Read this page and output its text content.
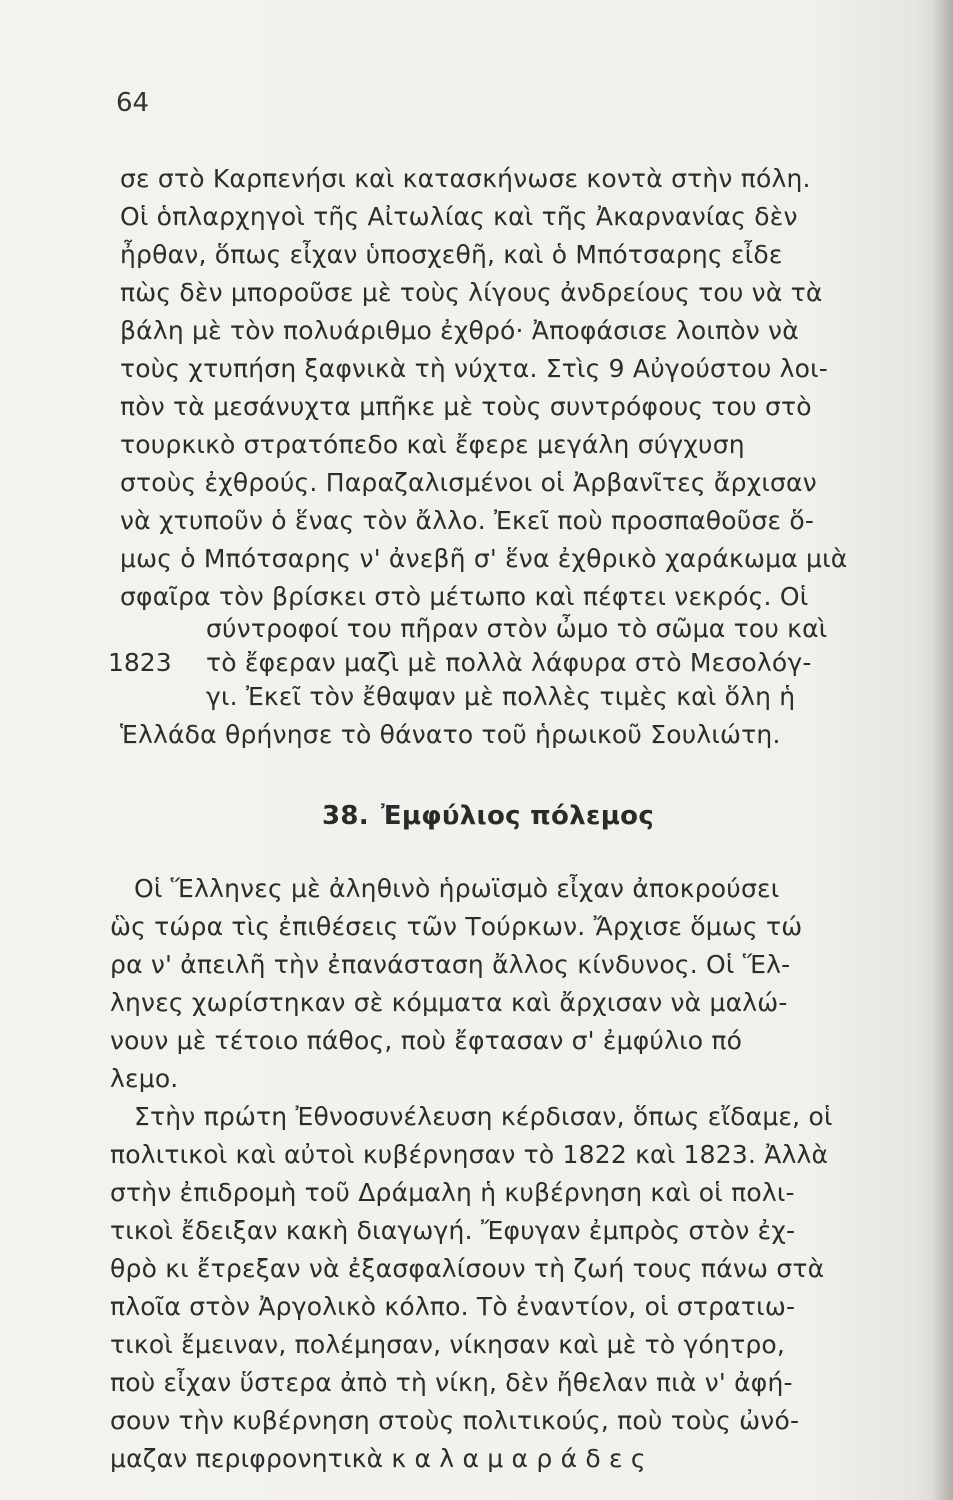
64
σε στὸ Καρπενήσι καὶ κατασκήνωσε κοντὰ στὴν πόλη.
Οἱ ὁπλαρχηγοὶ τῆς Αἰτωλίας καὶ τῆς Ἀκαρνανίας δὲν
ἦρθαν, ὅπως εἶχαν ὑποσχεθῆ, καὶ ὁ Μπότσαρης εἶδε
πὼς δὲν μποροῦσε μὲ τοὺς λίγους ἀνδρείους του νὰ τὰ
βάλη μὲ τὸν πολυάριθμο ἐχθρό· Ἀποφάσισε λοιπὸν νὰ
τοὺς χτυπήση ξαφνικὰ τὴ νύχτα. Στὶς 9 Αὐγούστου λοι-
πὸν τὰ μεσάνυχτα μπῆκε μὲ τοὺς συντρόφους του στὸ
τουρκικὸ στρατόπεδο καὶ ἔφερε μεγάλη σύγχυση
στοὺς ἐχθρούς. Παραζαλισμένοι οἱ Ἀρβανῖτες ἄρχισαν
νὰ χτυποῦν ὁ ἕνας τὸν ἄλλο. Ἐκεῖ ποὺ προσπαθοῦσε ὅ-
μως ὁ Μπότσαρης ν' ἀνεβῆ σ' ἕνα ἐχθρικὸ χαράκωμα μιὰ
σφαῖρα τὸν βρίσκει στὸ μέτωπο καὶ πέφτει νεκρός. Οἱ
σύντροφοί του πῆραν στὸν ὦμο τὸ σῶμα του καὶ
τὸ ἔφεραν μαζὶ μὲ πολλὰ λάφυρα στὸ Μεσολόγ-
γι. Ἐκεῖ τὸν ἔθαψαν μὲ πολλὲς τιμὲς καὶ ὅλη ἡ
Ἑλλάδα θρήνησε τὸ θάνατο τοῦ ἡρωικοῦ Σουλιώτη.
1823
38. Ἐμφύλιος πόλεμος
Οἱ Ἕλληνες μὲ ἀληθινὸ ἡρωϊσμὸ εἶχαν ἀποκρούσει
ὣς τώρα τὶς ἐπιθέσεις τῶν Τούρκων. Ἄρχισε ὅμως τώ
ρα ν' ἀπειλῆ τὴν ἐπανάσταση ἄλλος κίνδυνος. Οἱ Ἕλ-
ληνες χωρίστηκαν σὲ κόμματα καὶ ἄρχισαν νὰ μαλώ-
νουν μὲ τέτοιο πάθος, ποὺ ἔφτασαν σ' ἐμφύλιο πό
λεμο.
Στὴν πρώτη Ἐθνοσυνέλευση κέρδισαν, ὅπως εἴδαμε, οἱ
πολιτικοὶ καὶ αὐτοὶ κυβέρνησαν τὸ 1822 καὶ 1823. Ἀλλὰ
στὴν ἐπιδρομὴ τοῦ Δράμαλη ἡ κυβέρνηση καὶ οἱ πολι-
τικοὶ ἔδειξαν κακὴ διαγωγή. Ἔφυγαν ἐμπρὸς στὸν ἐχ-
θρὸ κι ἔτρεξαν νὰ ἐξασφαλίσουν τὴ ζωή τους πάνω στὰ
πλοῖα στὸν Ἀργολικὸ κόλπο. Τὸ ἐναντίον, οἱ στρατιω-
τικοὶ ἔμειναν, πολέμησαν, νίκησαν καὶ μὲ τὸ γόητρο,
ποὺ εἶχαν ὕστερα ἀπὸ τὴ νίκη, δὲν ἤθελαν πιὰ ν' ἀφή-
σουν τὴν κυβέρνηση στοὺς πολιτικούς, ποὺ τοὺς ὠνό-
μαζαν περιφρονητικὰ κ α λ α μ α ρ ά δ ε ς
